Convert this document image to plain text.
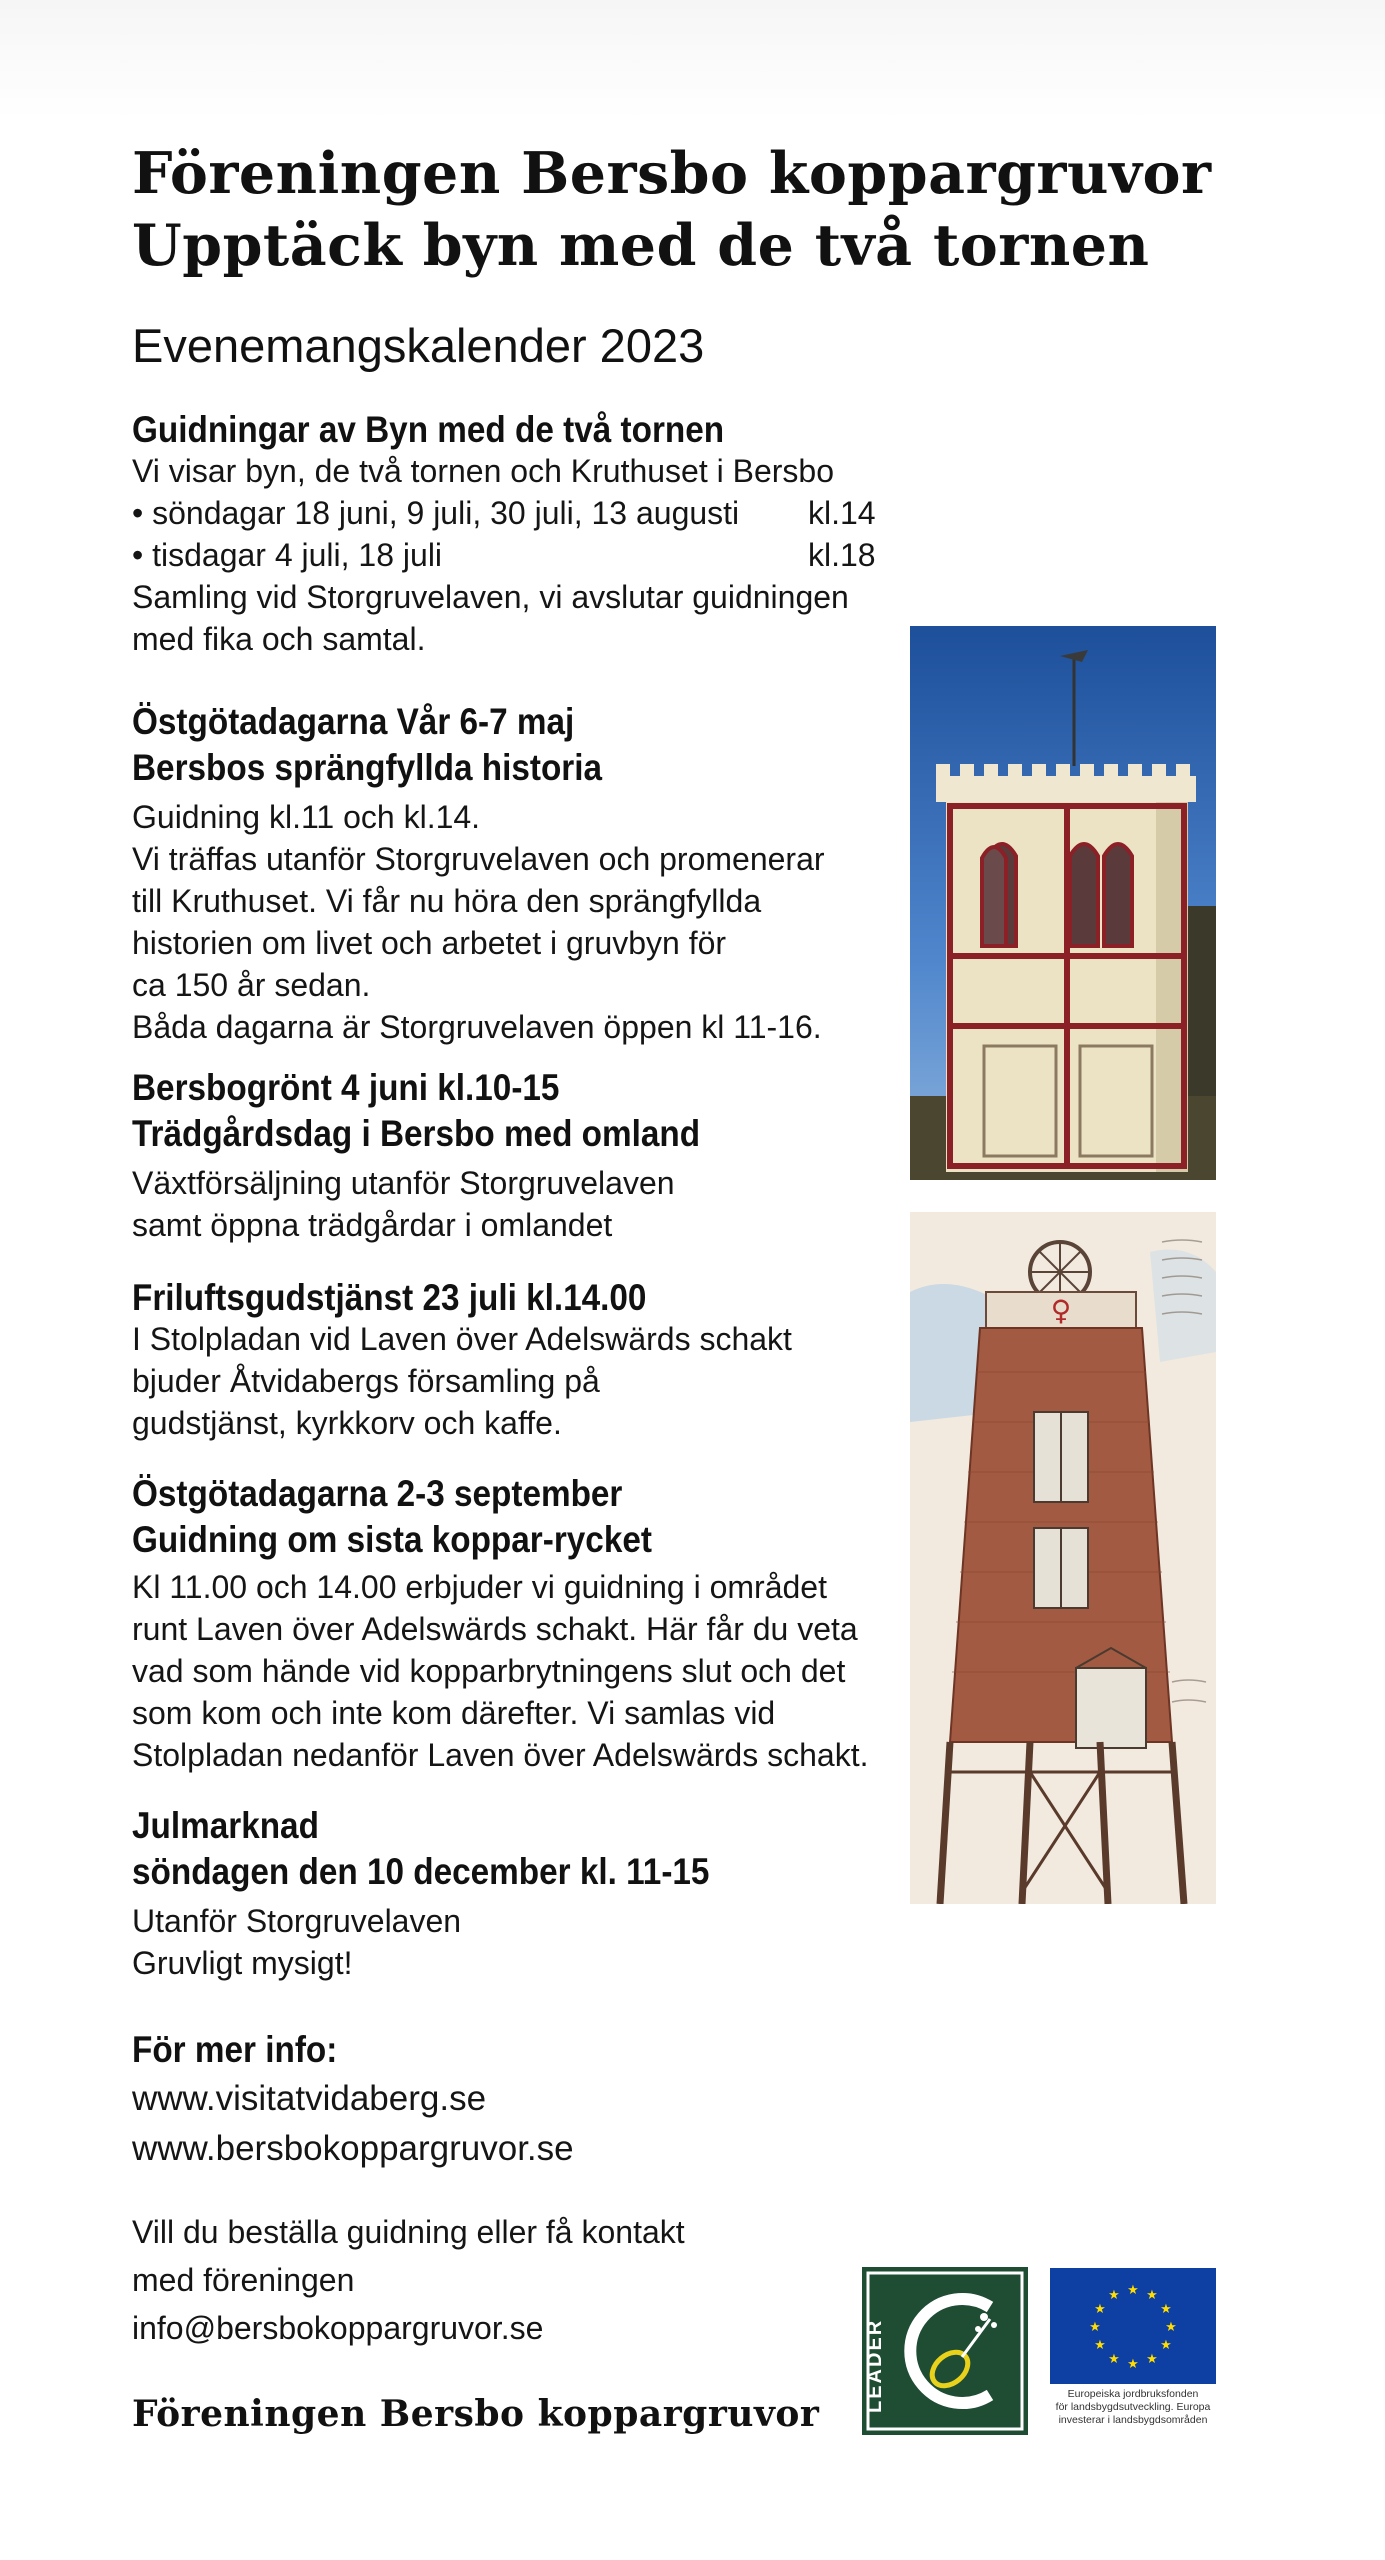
Föreningen Bersbo koppargruvor
Upptäck byn med de två tornen
Evenemangskalender 2023
Guidningar av Byn med de två tornen
Vi visar byn, de två tornen och Kruthuset i Bersbo
• söndagar 18 juni, 9 juli, 30 juli, 13 augusti kl.14
• tisdagar 4 juli, 18 juli	kl.18
Samling vid Storgruvelaven, vi avslutar guidningen
med fika och samtal.
Östgötadagarna Vår 6-7 maj
Bersbos sprängfyllda historia
Guidning kl.11 och kl.14.
Vi träffas utanför Storgruvelaven och promenerar
till Kruthuset. Vi får nu höra den sprängfyllda
historien om livet och arbetet i gruvbyn för
ca 150 år sedan.
Båda dagarna är Storgruvelaven öppen kl 11-16.
Bersbogrönt 4 juni kl.10-15
Trädgårdsdag i Bersbo med omland
Växtförsäljning utanför Storgruvelaven
samt öppna trädgårdar i omlandet
Friluftsgudstjänst 23 juli kl.14.00
I Stolpladan vid Laven över Adelswärds schakt
bjuder Åtvidabergs församling på
gudstjänst, kyrkkorv och kaffe.
Östgötadagarna 2-3 september
Guidning om sista koppar-rycket
Kl 11.00 och 14.00 erbjuder vi guidning i området
runt Laven över Adelswärds schakt. Här får du veta
vad som hände vid kopparbrytningens slut och det
som kom och inte kom därefter. Vi samlas vid
Stolpladan nedanför Laven över Adelswärds schakt.
Julmarknad
söndagen den 10 december kl. 11-15
Utanför Storgruvelaven
Gruvligt mysigt!
För mer info:
www.visitatvidaberg.se
www.bersbokoppargruvor.se
Vill du beställa guidning eller få kontakt
med föreningen
info@bersbokoppargruvor.se
Föreningen Bersbo koppargruvor
♀
LEADER
★ ★
★
★
★
★
★
★
★
★
★
★
Europeiska jordbruksfonden
för landsbygdsutveckling. Europa
investerar i landsbygdsområden
